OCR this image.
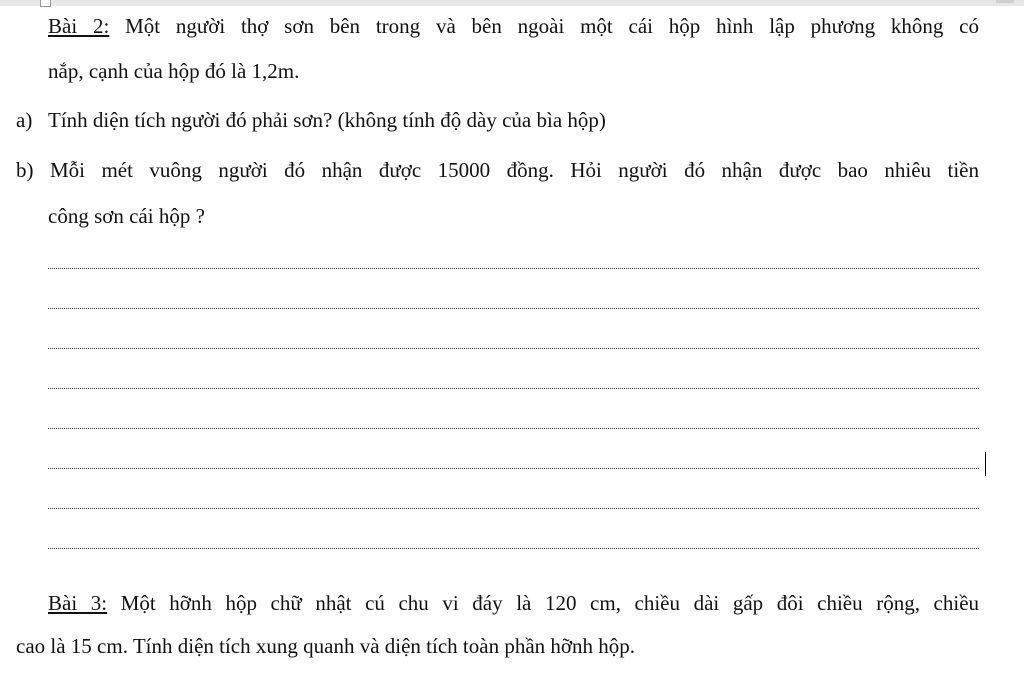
Bài 2: Một người thợ sơn bên trong và bên ngoài một cái hộp hình lập phương không có
nắp, cạnh của hộp đó là 1,2m.
a) Tính diện tích người đó phải sơn? (không tính độ dày của bìa hộp)
b) Mỗi mét vuông người đó nhận được 15000 đồng. Hỏi người đó nhận được bao nhiêu tiền
công sơn cái hộp ?
Bài 3: Một hỡnh hộp chữ nhật cú chu vi đáy là 120 cm, chiều dài gấp đôi chiều rộng, chiều
cao là 15 cm. Tính diện tích xung quanh và diện tích toàn phần hỡnh hộp.
